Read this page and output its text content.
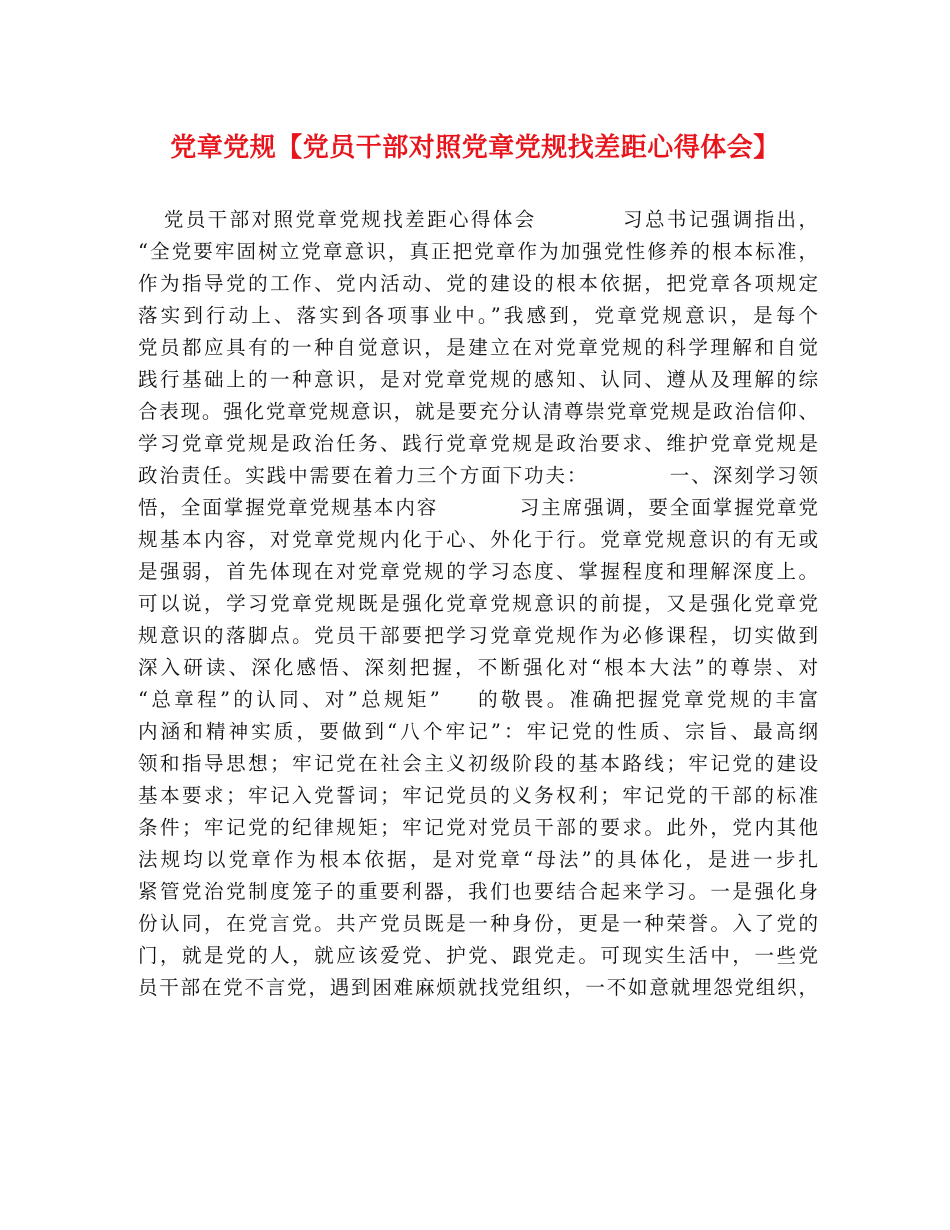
党章党规【党员干部对照党章党规找差距心得体会】
党员干部对照党章党规找差距心得体会          习总书记强调指出，
“全党要牢固树立党章意识，真正把党章作为加强党性修养的根本标准，
作为指导党的工作、党内活动、党的建设的根本依据，把党章各项规定
落实到行动上、落实到各项事业中。”我感到，党章党规意识，是每个
党员都应具有的一种自觉意识，是建立在对党章党规的科学理解和自觉
践行基础上的一种意识，是对党章党规的感知、认同、遵从及理解的综
合表现。强化党章党规意识，就是要充分认清尊崇党章党规是政治信仰、
学习党章党规是政治任务、践行党章党规是政治要求、维护党章党规是
政治责任。实践中需要在着力三个方面下功夫：          一、深刻学习领
悟，全面掌握党章党规基本内容          习主席强调，要全面掌握党章党
规基本内容，对党章党规内化于心、外化于行。党章党规意识的有无或
是强弱，首先体现在对党章党规的学习态度、掌握程度和理解深度上。
可以说，学习党章党规既是强化党章党规意识的前提，又是强化党章党
规意识的落脚点。党员干部要把学习党章党规作为必修课程，切实做到
深入研读、深化感悟、深刻把握，不断强化对“根本大法”的尊崇、对
“总章程”的认同、对”总规矩”    的敬畏。准确把握党章党规的丰富
内涵和精神实质，要做到“八个牢记”：牢记党的性质、宗旨、最高纲
领和指导思想；牢记党在社会主义初级阶段的基本路线；牢记党的建设
基本要求；牢记入党誓词；牢记党员的义务权利；牢记党的干部的标准
条件；牢记党的纪律规矩；牢记党对党员干部的要求。此外，党内其他
法规均以党章作为根本依据，是对党章“母法”的具体化，是进一步扎
紧管党治党制度笼子的重要利器，我们也要结合起来学习。一是强化身
份认同，在党言党。共产党员既是一种身份，更是一种荣誉。入了党的
门，就是党的人，就应该爱党、护党、跟党走。可现实生活中，一些党
员干部在党不言党，遇到困难麻烦就找党组织，一不如意就埋怨党组织，
